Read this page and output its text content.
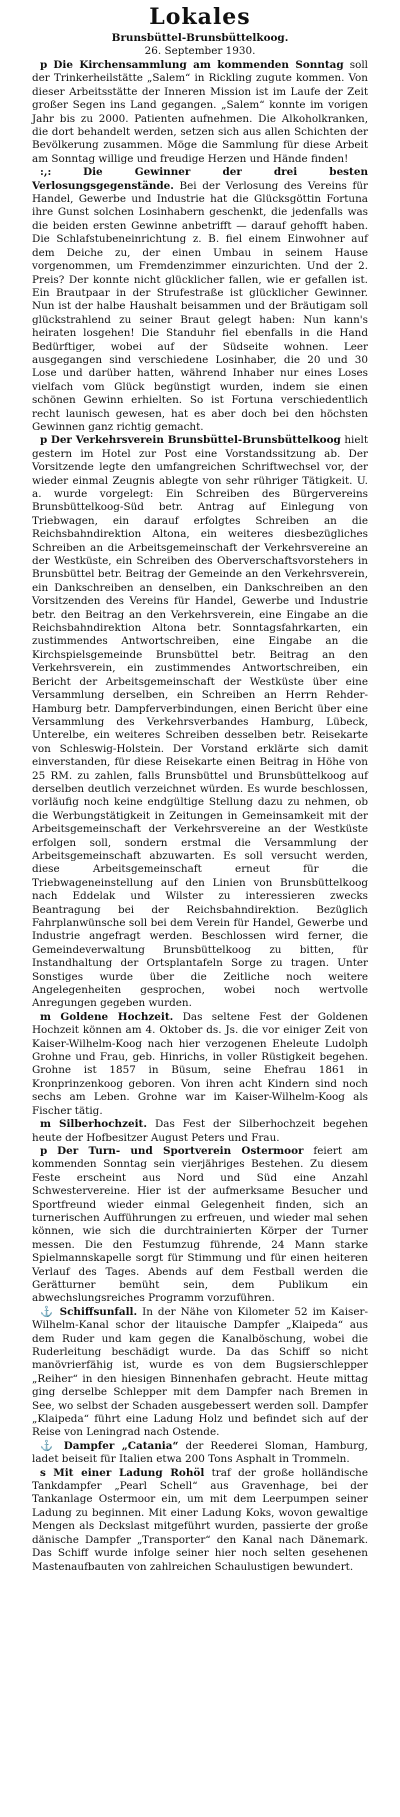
Lokales
Brunsbüttel-Brunsbüttelkoog.
26. September 1930.

p Die Kirchensammlung am kommenden Sonntag soll der Trinkerheilstätte „Salem“ in Rickling zugute kommen. Von dieser Arbeitsstätte der Inneren Mission ist im Laufe der Zeit großer Segen ins Land gegangen. „Salem“ konnte im vorigen Jahr bis zu 2000. Patienten aufnehmen. Die Alkoholkranken, die dort behandelt werden, setzen sich aus allen Schichten der Bevölkerung zusammen. Möge die Sammlung für diese Arbeit am Sonntag willige und freudige Herzen und Hände finden!

:,:	Die Gewinner der drei besten Verlosungsgegenstände. Bei der Verlosung des Vereins für Handel, Gewerbe und Industrie hat die Glücksgöttin Fortuna ihre Gunst solchen Losinhabern geschenkt, die jedenfalls was die beiden ersten Gewinne anbetrifft — darauf gehofft haben. Die Schlafstubeneinrichtung z. B. fiel einem Einwohner auf dem Deiche zu, der einen Umbau in seinem Hause vorgenommen, um Fremdenzimmer einzurichten. Und der 2. Preis? Der konnte nicht glücklicher fallen, wie er gefallen ist. Ein Brautpaar in der Strufestraße ist glücklicher Gewinner. Nun ist der halbe Haushalt beisammen und der Bräutigam soll glückstrahlend zu seiner Braut gelegt haben: Nun kann's heiraten losgehen! Die Standuhr fiel ebenfalls in die Hand Bedürftiger, wobei auf der Südseite wohnen. Leer ausgegangen sind verschiedene Losinhaber, die 20 und 30 Lose und darüber hatten, während Inhaber nur eines Loses vielfach vom Glück begünstigt wurden, indem sie einen schönen Gewinn erhielten. So ist Fortuna verschiedentlich recht launisch gewesen, hat es aber doch bei den höchsten Gewinnen ganz richtig gemacht.

p Der Verkehrsverein Brunsbüttel-Brunsbüttelkoog hielt gestern im Hotel zur Post eine Vorstandssitzung ab. Der Vorsitzende legte den umfangreichen Schriftwechsel vor, der wieder einmal Zeugnis ablegte von sehr rühriger Tätigkeit. U. a. wurde vorgelegt: Ein Schreiben des Bürgervereins Brunsbüttelkoog-Süd betr. Antrag auf Einlegung von Triebwagen, ein darauf erfolgtes Schreiben an die Reichsbahndirektion Altona, ein weiteres diesbezügliches Schreiben an die Arbeitsgemeinschaft der Verkehrsvereine an der Westküste, ein Schreiben des Oberverschaftsvorstehers in Brunsbüttel betr. Beitrag der Gemeinde an den Verkehrsverein, ein Dankschreiben an denselben, ein Dankschreiben an den Vorsitzenden des Vereins für Handel, Gewerbe und Industrie betr. den Beitrag an den Verkehrsverein, eine Eingabe an die Reichsbahndirektion Altona betr. Sonntagsfahrkarten, ein zustimmendes Antwortschreiben, eine Eingabe an die Kirchspielsgemeinde Brunsbüttel betr. Beitrag an den Verkehrsverein, ein zustimmendes Antwortschreiben, ein Bericht der Arbeitsgemeinschaft der Westküste über eine Versammlung derselben, ein Schreiben an Herrn Rehder-Hamburg betr. Dampferverbindungen, einen Bericht über eine Versammlung des Verkehrsverbandes Hamburg, Lübeck, Unterelbe, ein weiteres Schreiben desselben betr. Reisekarte von Schleswig-Holstein. Der Vorstand erklärte sich damit einverstanden, für diese Reisekarte einen Beitrag in Höhe von 25 RM. zu zahlen, falls Brunsbüttel und Brunsbüttelkoog auf derselben deutlich verzeichnet würden. Es wurde beschlossen, vorläufig noch keine endgültige Stellung dazu zu nehmen, ob die Werbungstätigkeit in Zeitungen in Gemeinsamkeit mit der Arbeitsgemeinschaft der Verkehrsvereine an der Westküste erfolgen soll, sondern erstmal die Versammlung der Arbeitsgemeinschaft abzuwarten. Es soll versucht werden, diese Arbeitsgemeinschaft erneut für die Triebwageneinstellung auf den Linien von Brunsbüttelkoog nach Eddelak und Wilster zu interessieren zwecks Beantragung bei der Reichsbahndirektion. Bezüglich Fahrplanwünsche soll bei dem Verein für Handel, Gewerbe und Industrie angefragt werden. Beschlossen wird ferner, die Gemeindeverwaltung Brunsbüttelkoog zu bitten, für Instandhaltung der Ortsplantafeln Sorge zu tragen. Unter Sonstiges wurde über die Zeitliche noch weitere Angelegenheiten gesprochen, wobei noch wertvolle Anregungen gegeben wurden.

m Goldene Hochzeit. Das seltene Fest der Goldenen Hochzeit können am 4. Oktober ds. Js. die vor einiger Zeit von Kaiser-Wilhelm-Koog nach hier verzogenen Eheleute Ludolph Grohne und Frau, geb. Hinrichs, in voller Rüstigkeit begehen. Grohne ist 1857 in Büsum, seine Ehefrau 1861 in Kronprinzenkoog geboren. Von ihren acht Kindern sind noch sechs am Leben. Grohne war im Kaiser-Wilhelm-Koog als Fischer tätig.

m Silberhochzeit. Das Fest der Silberhochzeit begehen heute der Hofbesitzer August Peters und Frau.

p Der Turn- und Sportverein Ostermoor feiert am kommenden Sonntag sein vierjähriges Bestehen. Zu diesem Feste erscheint aus Nord und Süd eine Anzahl Schwestervereine. Hier ist der aufmerksame Besucher und Sportfreund wieder einmal Gelegenheit finden, sich an turnerischen Aufführungen zu erfreuen, und wieder mal sehen können, wie sich die durchtrainierten Körper der Turner messen. Die den Festumzug führende, 24 Mann starke Spielmannskapelle sorgt für Stimmung und für einen heiteren Verlauf des Tages. Abends auf dem Festball werden die Gerätturner bemüht sein, dem Publikum ein abwechslungsreiches Programm vorzuführen.

⚓ Schiffsunfall. In der Nähe von Kilometer 52 im Kaiser-Wilhelm-Kanal schor der litauische Dampfer „Klaipeda“ aus dem Ruder und kam gegen die Kanalböschung, wobei die Ruderleitung beschädigt wurde. Da das Schiff so nicht manövrierfähig ist, wurde es von dem Bugsierschlepper „Reiher“ in den hiesigen Binnenhafen gebracht. Heute mittag ging derselbe Schlepper mit dem Dampfer nach Bremen in See, wo selbst der Schaden ausgebessert werden soll. Dampfer „Klaipeda“ führt eine Ladung Holz und befindet sich auf der Reise von Leningrad nach Ostende.

⚓ Dampfer „Catania“ der Reederei Sloman, Hamburg, ladet beiseit für Italien etwa 200 Tons Asphalt in Trommeln.

s Mit einer Ladung Rohöl traf der große holländische Tankdampfer „Pearl Schell“ aus Gravenhage, bei der Tankanlage Ostermoor ein, um mit dem Leerpumpen seiner Ladung zu beginnen. Mit einer Ladung Koks, wovon gewaltige Mengen als Deckslast mitgeführt wurden, passierte der große dänische Dampfer „Transporter“ den Kanal nach Dänemark. Das Schiff wurde infolge seiner hier noch selten gesehenen Mastenaufbauten von zahlreichen Schaulustigen bewundert.
